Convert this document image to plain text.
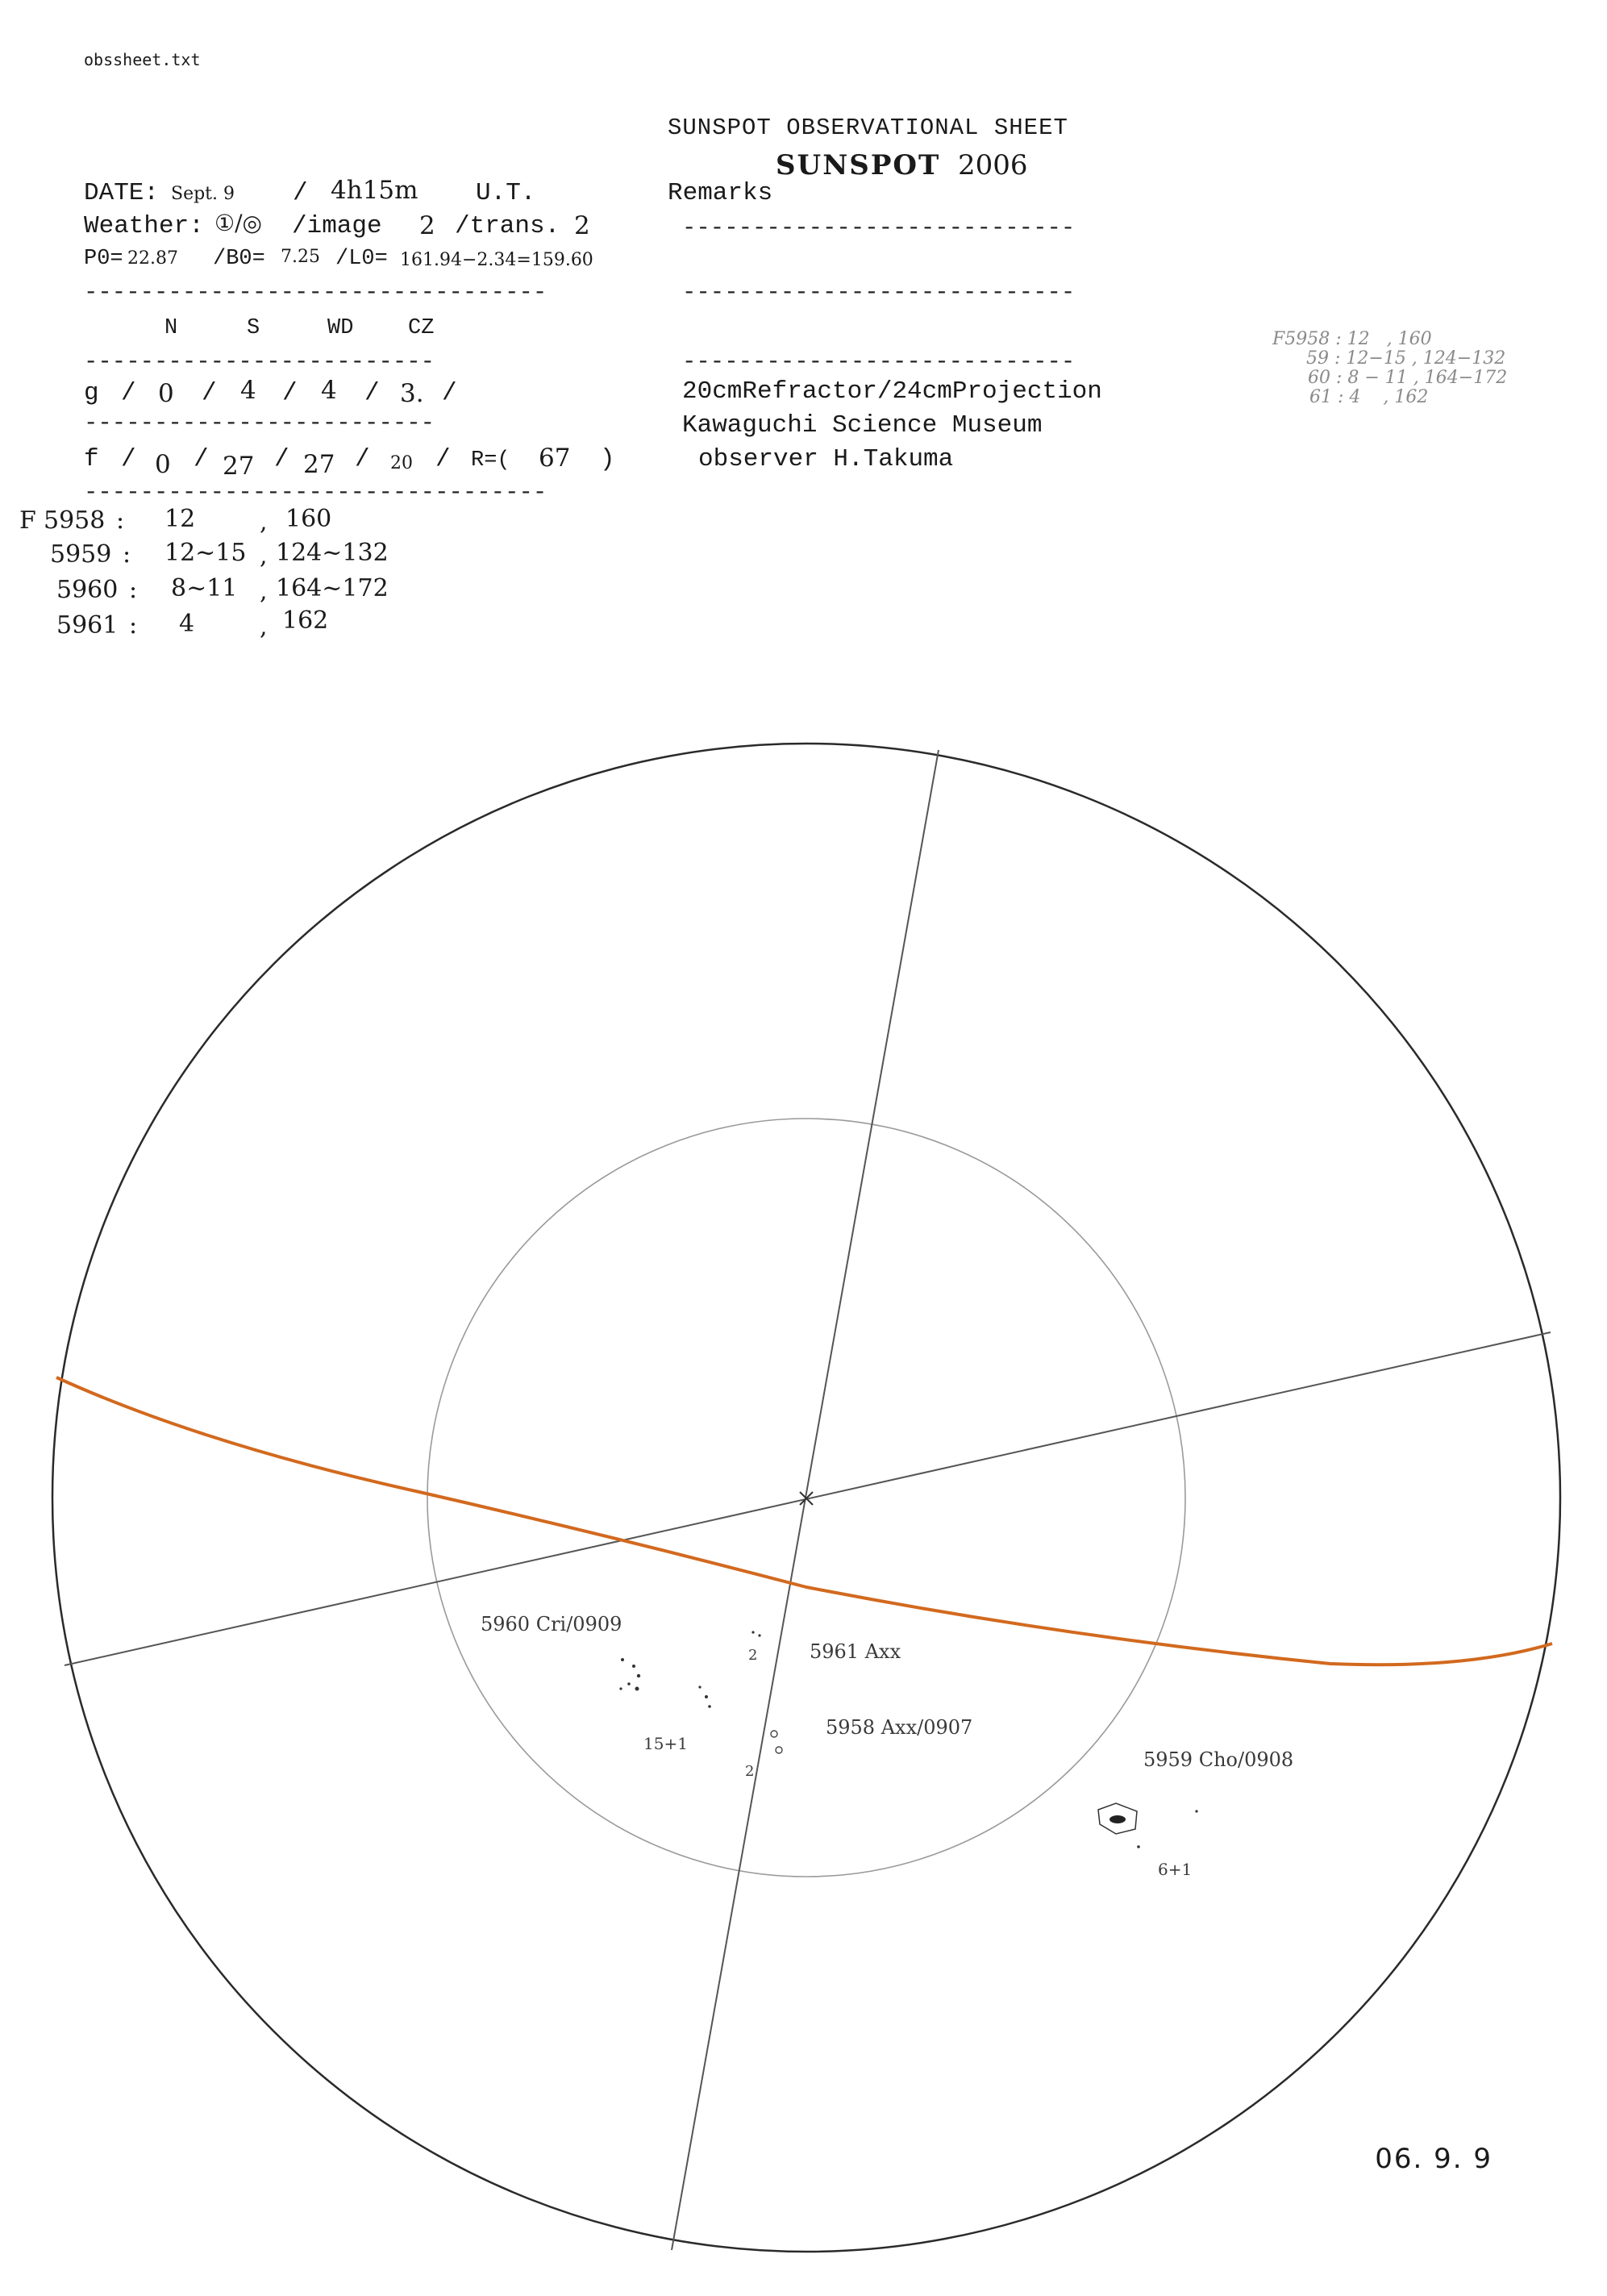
obssheet.txt
SUNSPOT OBSERVATIONAL SHEET
SUNSPOT 2006
DATE: Sept. 9 / 4h15m U.T.	Remarks
Weather: ①/◎ /image 2 /trans. 2	----------------------------
P0= 22.87 /B0= 7.25 /L0= 161.94−2.34=159.60
---------------------------------	----------------------------
N	S	WD	CZ
-------------------------	----------------------------
g / 0 / 4 / 4 / 3. /	20cmRefractor/24cmProjection
-------------------------	Kawaguchi Science Museum
f / 0 / 27 / 27 / 20 / R=( 67 )	observer H.Takuma
---------------------------------
F 5958 : 12	, 160
5959 : 12~15 , 124~132
5960 : 8~11 , 164~172
5961 : 4	, 162
F5958 : 12   , 160
59 : 12−15 , 124−132
60 : 8 − 11 , 164−172
61 : 4    , 162
5960 Cri/0909
5961 Axx
5958 Axx/0907
5959 Cho/0908
15+1
6+1
2
2
06. 9. 9
